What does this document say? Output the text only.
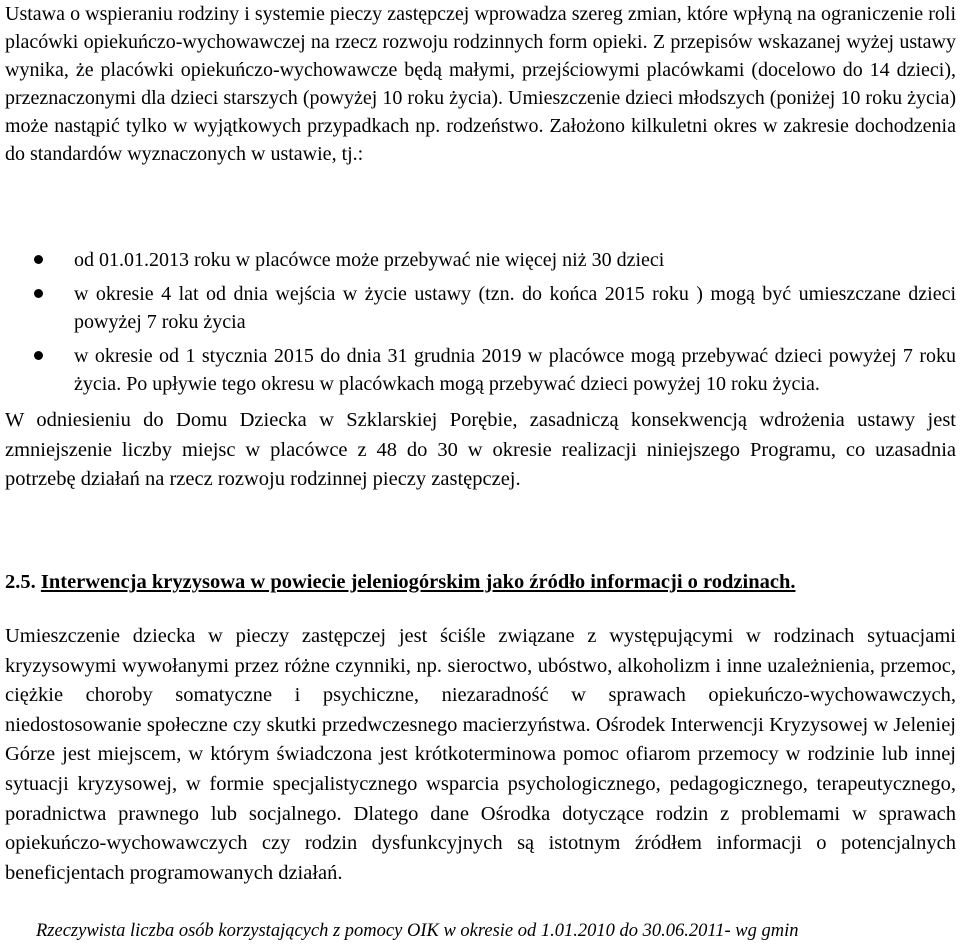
Ustawa o wspieraniu rodziny i systemie pieczy zastępczej wprowadza szereg zmian, które wpłyną na ograniczenie roli placówki opiekuńczo-wychowawczej na rzecz rozwoju rodzinnych form opieki. Z przepisów wskazanej wyżej ustawy wynika, że placówki opiekuńczo-wychowawcze będą małymi, przejściowymi placówkami (docelowo do 14 dzieci), przeznaczonymi dla dzieci starszych (powyżej 10 roku życia). Umieszczenie dzieci młodszych (poniżej 10 roku życia) może nastąpić tylko w wyjątkowych przypadkach np. rodzeństwo. Założono kilkuletni okres w zakresie dochodzenia do standardów wyznaczonych w ustawie, tj.:

od 01.01.2013 roku w placówce może przebywać nie więcej niż 30 dzieci
w okresie 4 lat od dnia wejścia w życie ustawy (tzn. do końca 2015 roku ) mogą być umieszczane dzieci powyżej 7 roku życia
w okresie od 1 stycznia 2015 do dnia 31 grudnia 2019 w placówce mogą przebywać dzieci powyżej 7 roku życia. Po upływie tego okresu w placówkach mogą przebywać dzieci powyżej 10 roku życia.

W odniesieniu do Domu Dziecka w Szklarskiej Porębie, zasadniczą konsekwencją wdrożenia ustawy jest zmniejszenie liczby miejsc w placówce z 48 do 30 w okresie realizacji niniejszego Programu, co uzasadnia potrzebę działań na rzecz rozwoju rodzinnej pieczy zastępczej.

2.5. Interwencja kryzysowa w powiecie jeleniogórskim jako źródło informacji o rodzinach.

Umieszczenie dziecka w pieczy zastępczej jest ściśle związane z występującymi w rodzinach sytuacjami kryzysowymi wywołanymi przez różne czynniki, np. sieroctwo, ubóstwo, alkoholizm i inne uzależnienia, przemoc, ciężkie choroby somatyczne i psychiczne, niezaradność w sprawach opiekuńczo-wychowawczych, niedostosowanie społeczne czy skutki przedwczesnego macierzyństwa. Ośrodek Interwencji Kryzysowej w Jeleniej Górze jest miejscem, w którym świadczona jest krótkoterminowa pomoc ofiarom przemocy w rodzinie lub innej sytuacji kryzysowej, w formie specjalistycznego wsparcia psychologicznego, pedagogicznego, terapeutycznego, poradnictwa prawnego lub socjalnego. Dlatego dane Ośrodka dotyczące rodzin z problemami w sprawach opiekuńczo-wychowawczych czy rodzin dysfunkcyjnych są istotnym źródłem informacji o potencjalnych beneficjentach programowanych działań.

Rzeczywista liczba osób korzystających z pomocy OIK w okresie od 1.01.2010 do 30.06.2011- wg gmin
